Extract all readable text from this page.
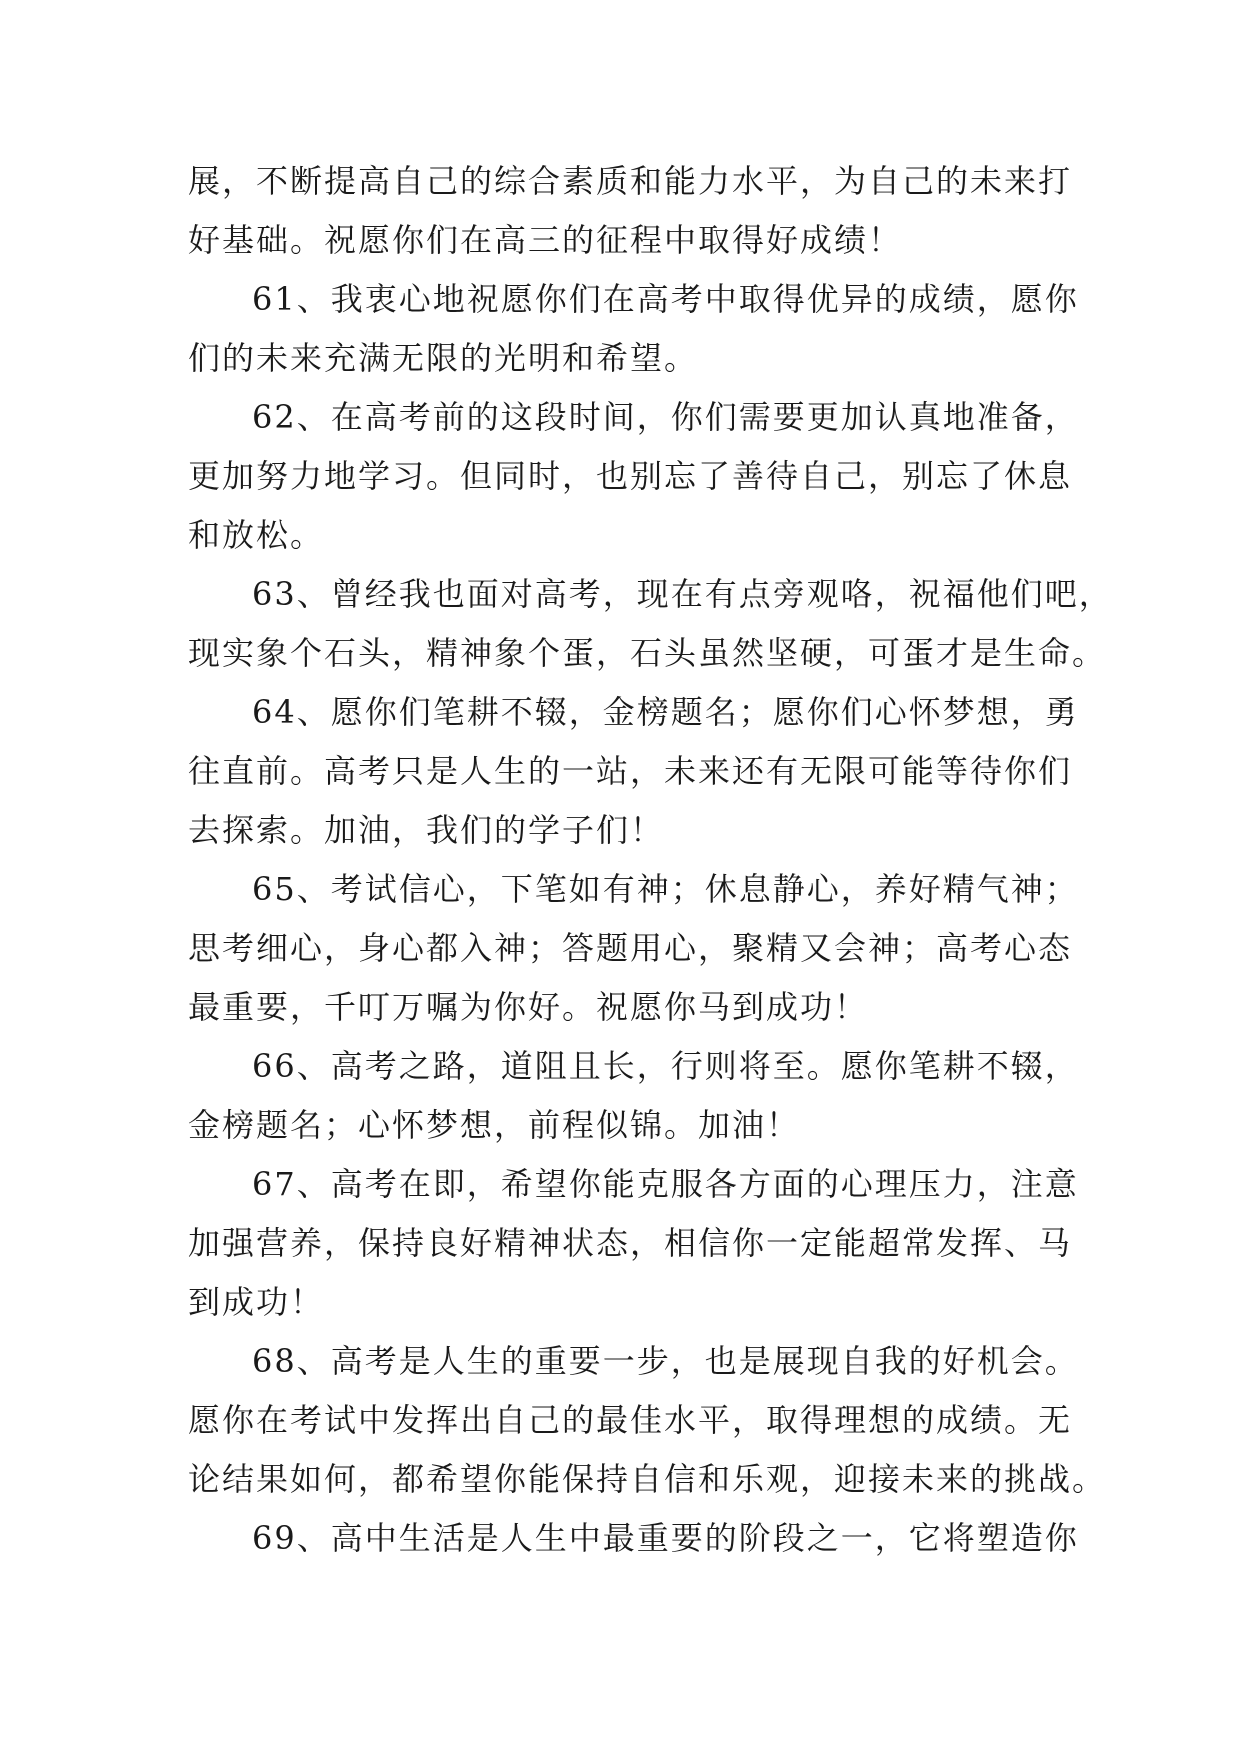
展，不断提高自己的综合素质和能力水平，为自己的未来打
好基础。祝愿你们在高三的征程中取得好成绩！

61、我衷心地祝愿你们在高考中取得优异的成绩，愿你
们的未来充满无限的光明和希望。

62、在高考前的这段时间，你们需要更加认真地准备，
更加努力地学习。但同时，也别忘了善待自己，别忘了休息
和放松。

63、曾经我也面对高考，现在有点旁观咯，祝福他们吧，
现实象个石头，精神象个蛋，石头虽然坚硬，可蛋才是生命。

64、愿你们笔耕不辍，金榜题名；愿你们心怀梦想，勇
往直前。高考只是人生的一站，未来还有无限可能等待你们
去探索。加油，我们的学子们！

65、考试信心，下笔如有神；休息静心，养好精气神；
思考细心，身心都入神；答题用心，聚精又会神；高考心态
最重要，千叮万嘱为你好。祝愿你马到成功！

66、高考之路，道阻且长，行则将至。愿你笔耕不辍，
金榜题名；心怀梦想，前程似锦。加油！

67、高考在即，希望你能克服各方面的心理压力，注意
加强营养，保持良好精神状态，相信你一定能超常发挥、马
到成功！

68、高考是人生的重要一步，也是展现自我的好机会。
愿你在考试中发挥出自己的最佳水平，取得理想的成绩。无
论结果如何，都希望你能保持自信和乐观，迎接未来的挑战。

69、高中生活是人生中最重要的阶段之一，它将塑造你
